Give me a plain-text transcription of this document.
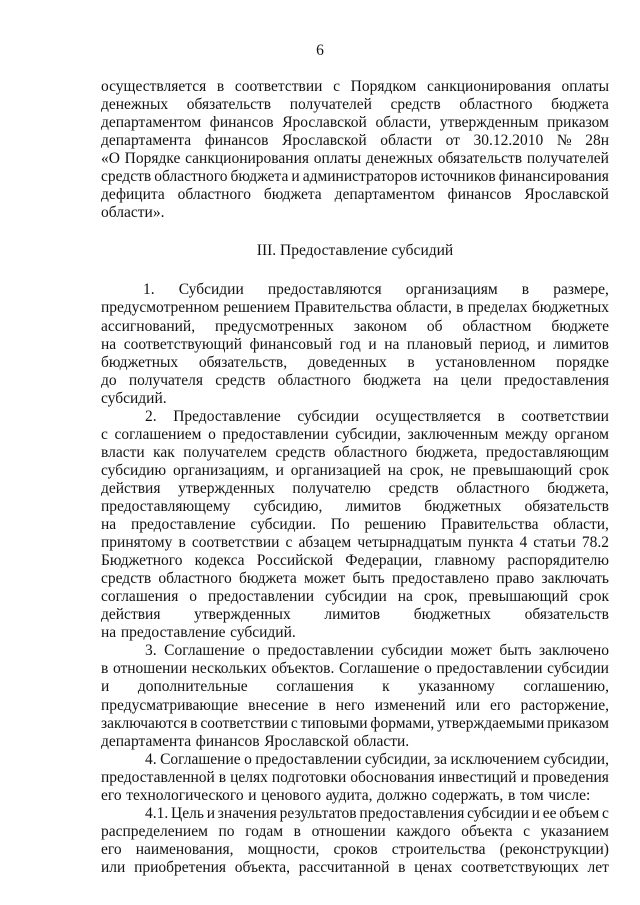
6
осуществляется в соответствии с Порядком санкционирования оплаты
денежных обязательств получателей средств областного бюджета
департаментом финансов Ярославской области, утвержденным приказом
департамента финансов Ярославской области от 30.12.2010 № 28н
«О Порядке санкционирования оплаты денежных обязательств получателей
средств областного бюджета и администраторов источников финансирования
дефицита областного бюджета департаментом финансов Ярославской
области».
III. Предоставление субсидий
1. Субсидии предоставляются организациям в размере,
предусмотренном решением Правительства области, в пределах бюджетных
ассигнований, предусмотренных законом об областном бюджете
на соответствующий финансовый год и на плановый период, и лимитов
бюджетных обязательств, доведенных в установленном порядке
до получателя средств областного бюджета на цели предоставления
субсидий.
2. Предоставление субсидии осуществляется в соответствии
с соглашением о предоставлении субсидии, заключенным между органом
власти как получателем средств областного бюджета, предоставляющим
субсидию организациям, и организацией на срок, не превышающий срок
действия утвержденных получателю средств областного бюджета,
предоставляющему субсидию, лимитов бюджетных обязательств
на предоставление субсидии. По решению Правительства области,
принятому в соответствии с абзацем четырнадцатым пункта 4 статьи 78.2
Бюджетного кодекса Российской Федерации, главному распорядителю
средств областного бюджета может быть предоставлено право заключать
соглашения о предоставлении субсидии на срок, превышающий срок
действия утвержденных лимитов бюджетных обязательств
на предоставление субсидий.
3. Соглашение о предоставлении субсидии может быть заключено
в отношении нескольких объектов. Соглашение о предоставлении субсидии
и дополнительные соглашения к указанному соглашению,
предусматривающие внесение в него изменений или его расторжение,
заключаются в соответствии с типовыми формами, утверждаемыми приказом
департамента финансов Ярославской области.
4. Соглашение о предоставлении субсидии, за исключением субсидии,
предоставленной в целях подготовки обоснования инвестиций и проведения
его технологического и ценового аудита, должно содержать, в том числе:
4.1. Цель и значения результатов предоставления субсидии и ее объем с
распределением по годам в отношении каждого объекта с указанием
его наименования, мощности, сроков строительства (реконструкции)
или приобретения объекта, рассчитанной в ценах соответствующих лет
